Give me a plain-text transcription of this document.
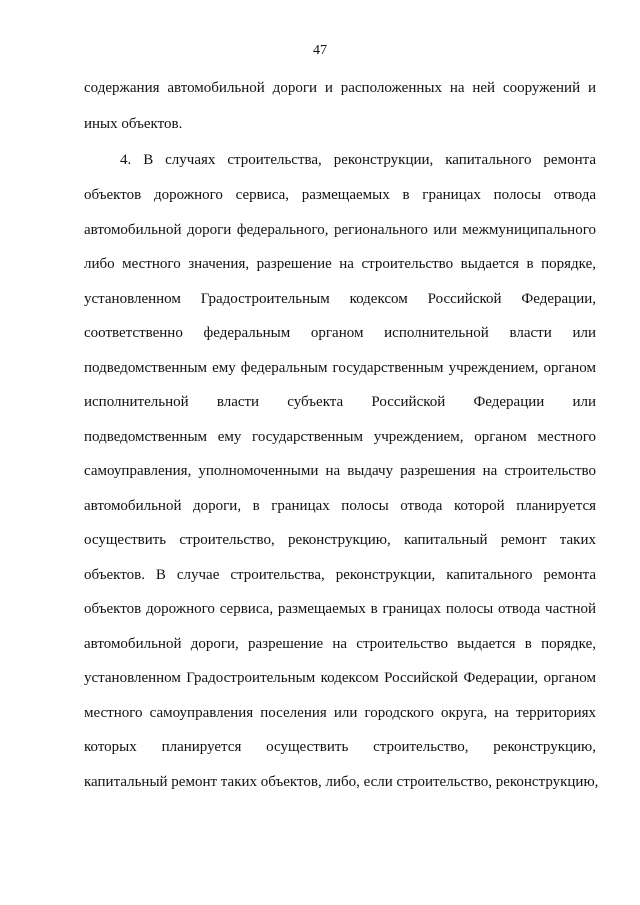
47
содержания автомобильной дороги и расположенных на ней сооружений и
иных объектов.
4. В случаях строительства, реконструкции, капитального ремонта
объектов дорожного сервиса, размещаемых в границах полосы отвода
автомобильной дороги федерального, регионального или межмуниципального
либо местного значения, разрешение на строительство выдается в порядке,
установленном Градостроительным кодексом Российской Федерации,
соответственно федеральным органом исполнительной власти или
подведомственным ему федеральным государственным учреждением, органом
исполнительной власти субъекта Российской Федерации или
подведомственным ему государственным учреждением, органом местного
самоуправления, уполномоченными на выдачу разрешения на строительство
автомобильной дороги, в границах полосы отвода которой планируется
осуществить строительство, реконструкцию, капитальный ремонт таких
объектов. В случае строительства, реконструкции, капитального ремонта
объектов дорожного сервиса, размещаемых в границах полосы отвода частной
автомобильной дороги, разрешение на строительство выдается в порядке,
установленном Градостроительным кодексом Российской Федерации, органом
местного самоуправления поселения или городского округа, на территориях
которых планируется осуществить строительство, реконструкцию,
капитальный ремонт таких объектов, либо, если строительство, реконструкцию,
